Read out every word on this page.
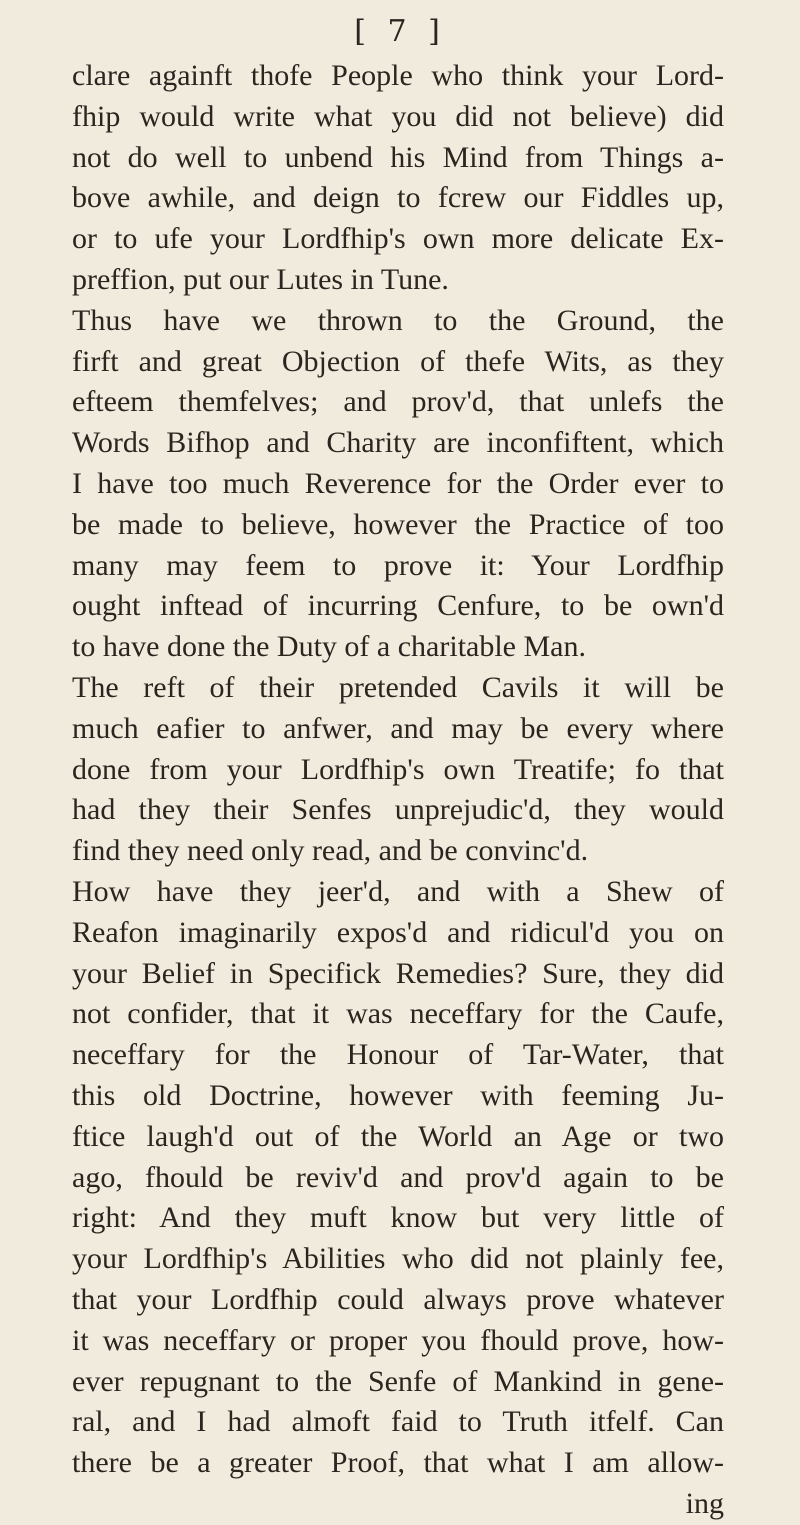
[ 7 ]
clare againft thofe People who think your Lord-
fhip would write what you did not believe) did
not do well to unbend his Mind from Things a-
bove awhile, and deign to fcrew our Fiddles up,
or to ufe your Lordfhip's own more delicate Ex-
preffion, put our Lutes in Tune.
Thus have we thrown to the Ground, the
firft and great Objection of thefe Wits, as they
efteem themfelves; and prov'd, that unlefs the
Words Bifhop and Charity are inconfiftent, which
I have too much Reverence for the Order ever to
be made to believe, however the Practice of too
many may feem to prove it: Your Lordfhip
ought inftead of incurring Cenfure, to be own'd
to have done the Duty of a charitable Man.
The reft of their pretended Cavils it will be
much eafier to anfwer, and may be every where
done from your Lordfhip's own Treatife; fo that
had they their Senfes unprejudic'd, they would
find they need only read, and be convinc'd.
How have they jeer'd, and with a Shew of
Reafon imaginarily expos'd and ridicul'd you on
your Belief in Specifick Remedies? Sure, they did
not confider, that it was neceffary for the Caufe,
neceffary for the Honour of Tar-Water, that
this old Doctrine, however with feeming Ju-
ftice laugh'd out of the World an Age or two
ago, fhould be reviv'd and prov'd again to be
right: And they muft know but very little of
your Lordfhip's Abilities who did not plainly fee,
that your Lordfhip could always prove whatever
it was neceffary or proper you fhould prove, how-
ever repugnant to the Senfe of Mankind in gene-
ral, and I had almoft faid to Truth itfelf. Can
there be a greater Proof, that what I am allow-
ing
